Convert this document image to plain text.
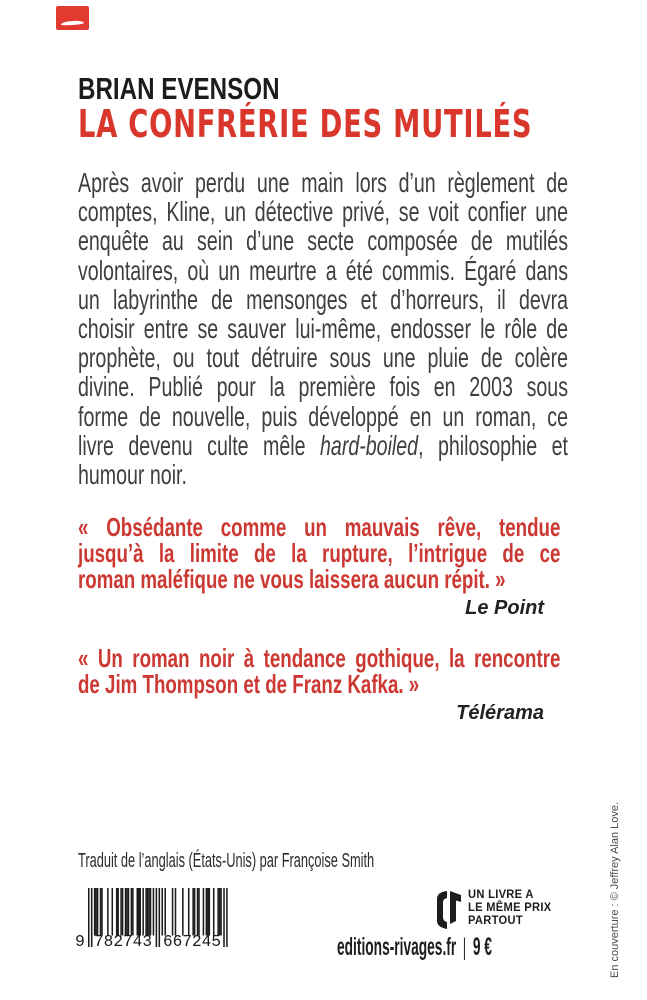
BRIAN EVENSON
LA CONFRÉRIE DES MUTILÉS
Après avoir perdu une main lors d’un règlement de
comptes, Kline, un détective privé, se voit confier une
enquête au sein d’une secte composée de mutilés
volontaires, où un meurtre a été commis. Égaré dans
un labyrinthe de mensonges et d’horreurs, il devra
choisir entre se sauver lui-même, endosser le rôle de
prophète, ou tout détruire sous une pluie de colère
divine. Publié pour la première fois en 2003 sous
forme de nouvelle, puis développé en un roman, ce
livre devenu culte mêle hard-boiled, philosophie et
humour noir.
« Obsédante comme un mauvais rêve, tendue
jusqu’à la limite de la rupture, l’intrigue de ce
roman maléfique ne vous laissera aucun répit. »
Le Point
« Un roman noir à tendance gothique, la rencontre
de Jim Thompson et de Franz Kafka. »
Télérama
Traduit de l’anglais (États-Unis) par Françoise Smith
9 782743 667245
UN LIVRE A
LE MÊME PRIX
PARTOUT
editions-rivages.fr | 9 €	En couverture : © Jeffrey Alan Love.
